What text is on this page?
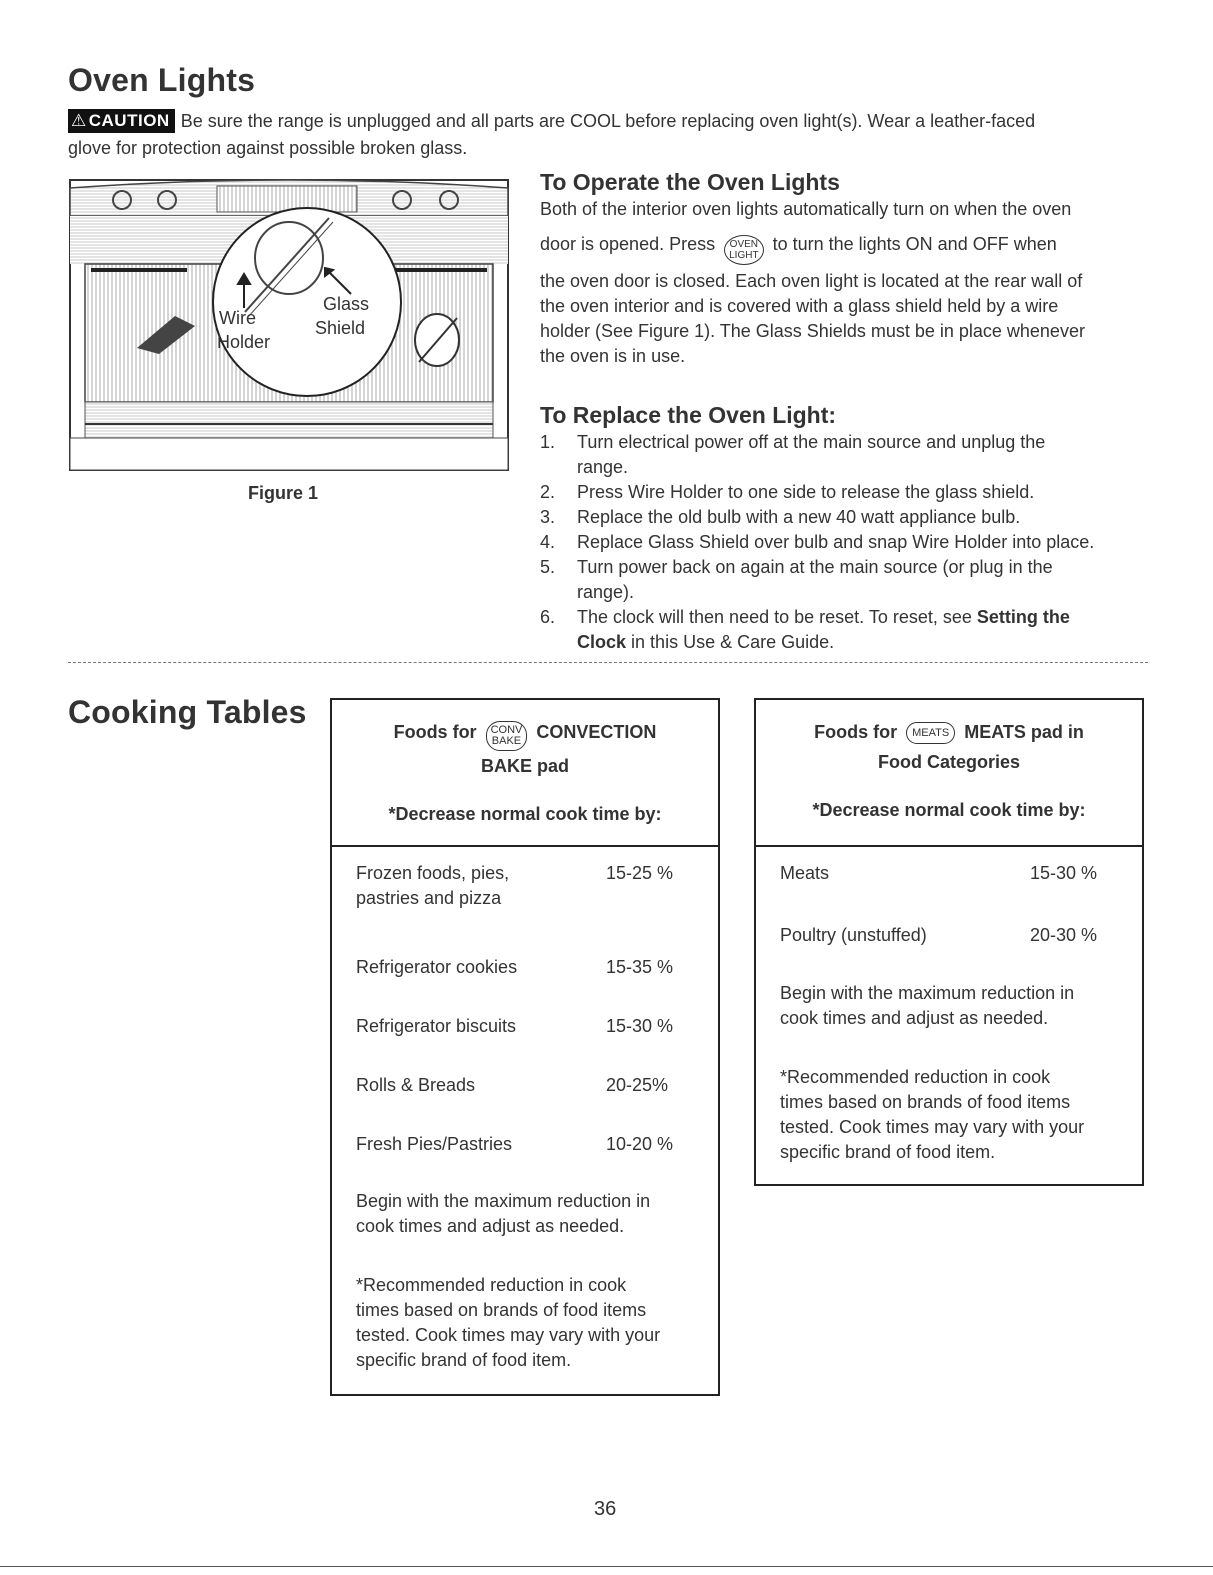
Oven Lights
⚠ CAUTION Be sure the range is unplugged and all parts are COOL before replacing oven light(s). Wear a leather-faced
glove for protection against possible broken glass.
Wire
Holder
Glass
Shield
Figure 1
To Operate the Oven Lights
Both of the interior oven lights automatically turn on when the oven
door is opened. Press OVEN
LIGHT
to turn the lights ON and OFF when
the oven door is closed. Each oven light is located at the rear wall of
the oven interior and is covered with a glass shield held by a wire
holder (See Figure 1). The Glass Shields must be in place whenever
the oven is in use.
To Replace the Oven Light:
1. Turn electrical power off at the main source and unplug the
range.
2. Press Wire Holder to one side to release the glass shield.
3. Replace the old bulb with a new 40 watt appliance bulb.
4. Replace Glass Shield over bulb and snap Wire Holder into place.
5. Turn power back on again at the main source (or plug in the
range).
6. The clock will then need to be reset. To reset, see Setting the
Clock in this Use & Care Guide.
Cooking Tables
Foods for CONV
BAKE CONVECTION
BAKE pad
*Decrease normal cook time by:
Frozen foods, pies,
pastries and pizza
15-25 %
Refrigerator cookies	15-35 %
Refrigerator biscuits	15-30 %
Rolls & Breads	20-25%
Fresh Pies/Pastries	10-20 %
Begin with the maximum reduction in
cook times and adjust as needed.
*Recommended reduction in cook
times based on brands of food items
tested. Cook times may vary with your
specific brand of food item.
Foods for MEATS MEATS pad in
Food Categories
*Decrease normal cook time by:
Meats	15-30 %
Poultry (unstuffed)	20-30 %
Begin with the maximum reduction in
cook times and adjust as needed.
*Recommended reduction in cook
times based on brands of food items
tested. Cook times may vary with your
specific brand of food item.
36
